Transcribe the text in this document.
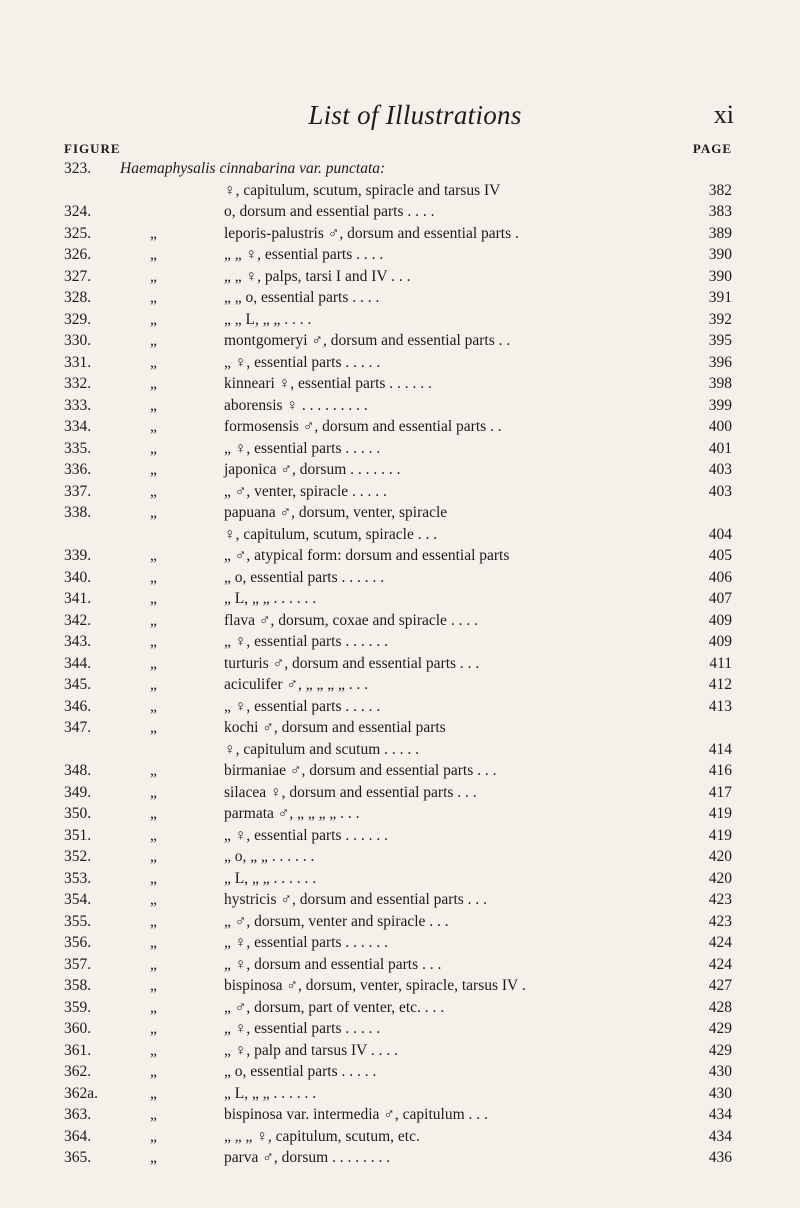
List of Illustrations	xi
FIGURE	PAGE
323.	Haemaphysalis cinnabarina var. punctata:
♀, capitulum, scutum, spiracle and tarsus IV	382
324.	o, dorsum and essential parts . . . .	383
325.	„	leporis-palustris ♂, dorsum and essential parts .	389
326.	„	„ „ ♀, essential parts . . . .	390
327.	„	„ „ ♀, palps, tarsi I and IV . . .	390
328.	„	„ „ o, essential parts . . . .	391
329.	„	„ „ L, „ „ . . . .	392
330.	„	montgomeryi ♂, dorsum and essential parts . .	395
331.	„	„ ♀, essential parts . . . . .	396
332.	„	kinneari ♀, essential parts . . . . . .	398
333.	„	aborensis ♀ . . . . . . . . .	399
334.	„	formosensis ♂, dorsum and essential parts . .	400
335.	„	„ ♀, essential parts . . . . .	401
336.	„	japonica ♂, dorsum . . . . . . .	403
337.	„	„ ♂, venter, spiracle . . . . .	403
338.	„	papuana ♂, dorsum, venter, spiracle
♀, capitulum, scutum, spiracle . . .	404
339.	„	„ ♂, atypical form: dorsum and essential parts	405
340.	„	„ o, essential parts . . . . . .	406
341.	„	„ L, „ „ . . . . . .	407
342.	„	flava ♂, dorsum, coxae and spiracle . . . .	409
343.	„	„ ♀, essential parts . . . . . .	409
344.	„	turturis ♂, dorsum and essential parts . . .	411
345.	„	aciculifer ♂, „ „ „ „ . . .	412
346.	„	„ ♀, essential parts . . . . .	413
347.	„	kochi ♂, dorsum and essential parts
♀, capitulum and scutum . . . . .	414
348.	„	birmaniae ♂, dorsum and essential parts . . .	416
349.	„	silacea ♀, dorsum and essential parts . . .	417
350.	„	parmata ♂, „ „ „ „ . . .	419
351.	„	„ ♀, essential parts . . . . . .	419
352.	„	„ o, „ „ . . . . . .	420
353.	„	„ L, „ „ . . . . . .	420
354.	„	hystricis ♂, dorsum and essential parts . . .	423
355.	„	„ ♂, dorsum, venter and spiracle . . .	423
356.	„	„ ♀, essential parts . . . . . .	424
357.	„	„ ♀, dorsum and essential parts . . .	424
358.	„	bispinosa ♂, dorsum, venter, spiracle, tarsus IV .	427
359.	„	„ ♂, dorsum, part of venter, etc. . . .	428
360.	„	„ ♀, essential parts . . . . .	429
361.	„	„ ♀, palp and tarsus IV . . . .	429
362.	„	„ o, essential parts . . . . .	430
362a.	„	„ L, „ „ . . . . . .	430
363.	„	bispinosa var. intermedia ♂, capitulum . . .	434
364.	„	„ „ „ ♀, capitulum, scutum, etc.	434
365.	„	parva ♂, dorsum . . . . . . . .	436
